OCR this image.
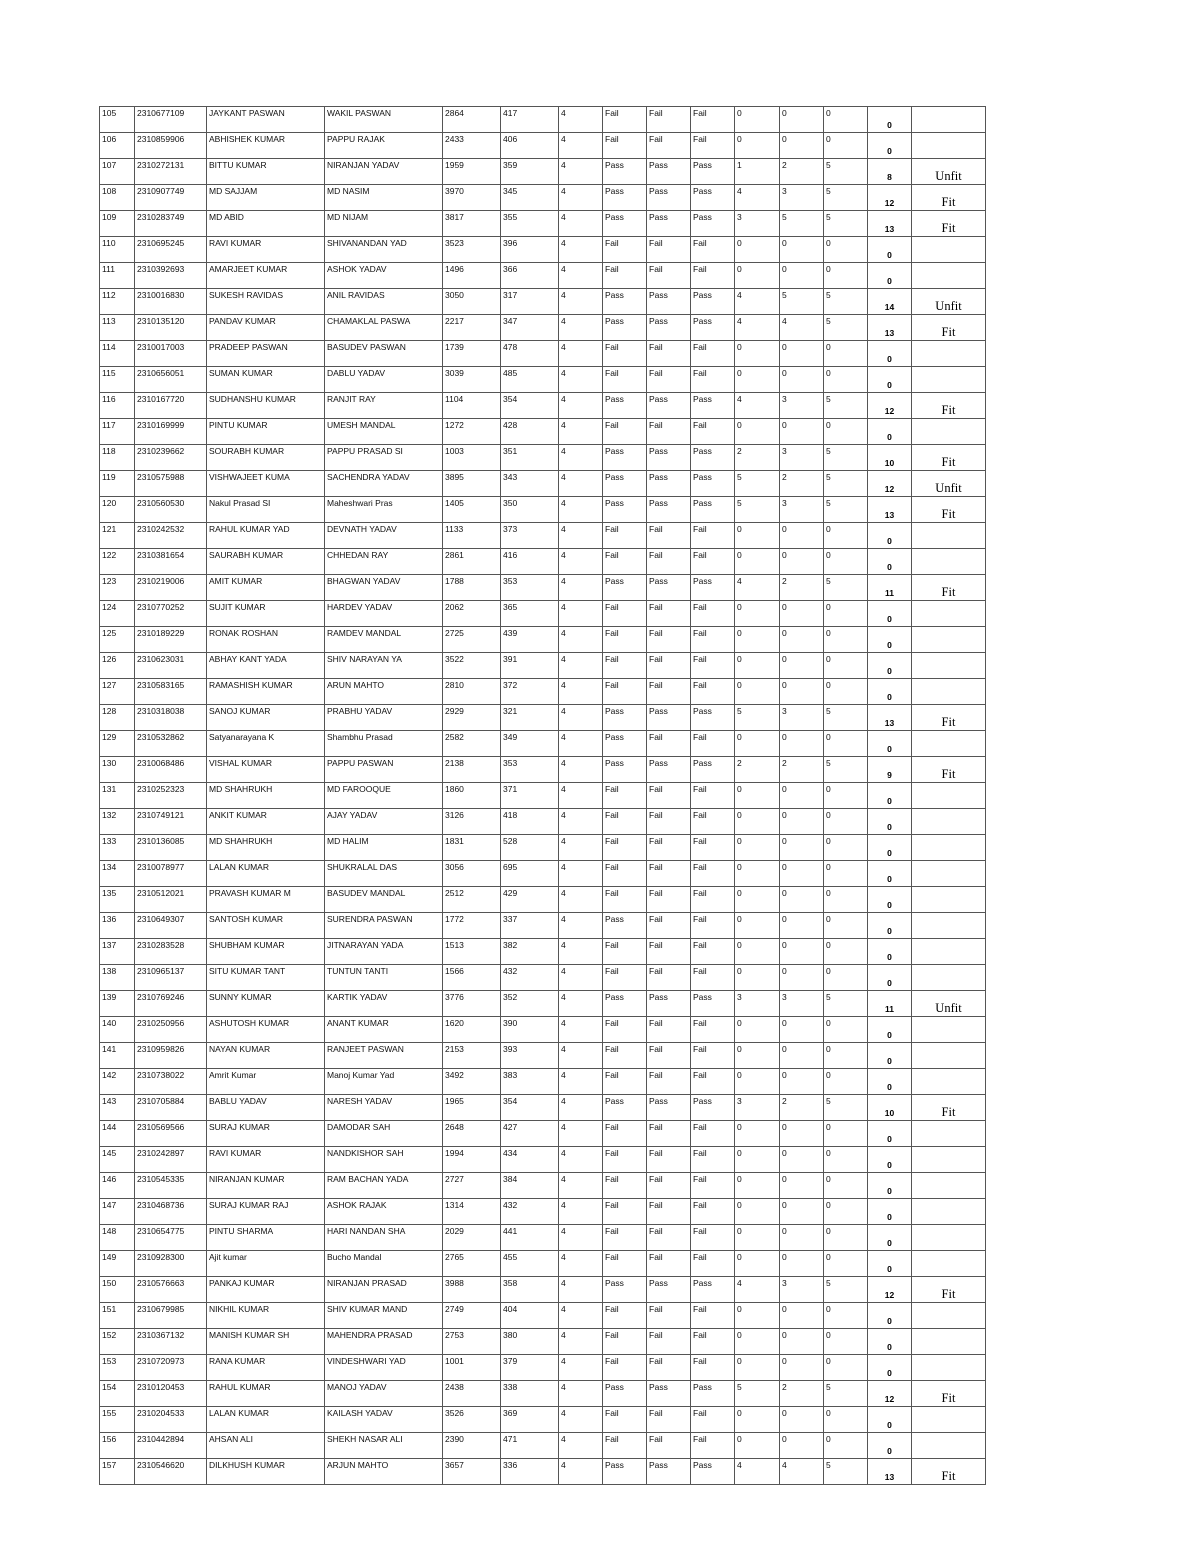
105	2310677109	JAYKANT PASWAN	WAKIL PASWAN	2864	417	4	Fail	Fail	Fail	0	0	0	0	
106	2310859906	ABHISHEK KUMAR	PAPPU RAJAK	2433	406	4	Fail	Fail	Fail	0	0	0	0	
107	2310272131	BITTU KUMAR	NIRANJAN YADAV	1959	359	4	Pass	Pass	Pass	1	2	5	8	Unfit
108	2310907749	MD SAJJAM	MD NASIM	3970	345	4	Pass	Pass	Pass	4	3	5	12	Fit
109	2310283749	MD ABID	MD NIJAM	3817	355	4	Pass	Pass	Pass	3	5	5	13	Fit
110	2310695245	RAVI KUMAR	SHIVANANDAN YAD	3523	396	4	Fail	Fail	Fail	0	0	0	0	
111	2310392693	AMARJEET KUMAR	ASHOK YADAV	1496	366	4	Fail	Fail	Fail	0	0	0	0	
112	2310016830	SUKESH RAVIDAS	ANIL RAVIDAS	3050	317	4	Pass	Pass	Pass	4	5	5	14	Unfit
113	2310135120	PANDAV KUMAR	CHAMAKLAL PASWA	2217	347	4	Pass	Pass	Pass	4	4	5	13	Fit
114	2310017003	PRADEEP PASWAN	BASUDEV PASWAN	1739	478	4	Fail	Fail	Fail	0	0	0	0	
115	2310656051	SUMAN KUMAR	DABLU YADAV	3039	485	4	Fail	Fail	Fail	0	0	0	0	
116	2310167720	SUDHANSHU KUMAR	RANJIT RAY	1104	354	4	Pass	Pass	Pass	4	3	5	12	Fit
117	2310169999	PINTU KUMAR	UMESH MANDAL	1272	428	4	Fail	Fail	Fail	0	0	0	0	
118	2310239662	SOURABH KUMAR	PAPPU PRASAD SI	1003	351	4	Pass	Pass	Pass	2	3	5	10	Fit
119	2310575988	VISHWAJEET KUMA	SACHENDRA YADAV	3895	343	4	Pass	Pass	Pass	5	2	5	12	Unfit
120	2310560530	Nakul Prasad SI	Maheshwari Pras	1405	350	4	Pass	Pass	Pass	5	3	5	13	Fit
121	2310242532	RAHUL KUMAR YAD	DEVNATH YADAV	1133	373	4	Fail	Fail	Fail	0	0	0	0	
122	2310381654	SAURABH KUMAR	CHHEDAN RAY	2861	416	4	Fail	Fail	Fail	0	0	0	0	
123	2310219006	AMIT KUMAR	BHAGWAN YADAV	1788	353	4	Pass	Pass	Pass	4	2	5	11	Fit
124	2310770252	SUJIT KUMAR	HARDEV YADAV	2062	365	4	Fail	Fail	Fail	0	0	0	0	
125	2310189229	RONAK ROSHAN	RAMDEV MANDAL	2725	439	4	Fail	Fail	Fail	0	0	0	0	
126	2310623031	ABHAY KANT YADA	SHIV NARAYAN YA	3522	391	4	Fail	Fail	Fail	0	0	0	0	
127	2310583165	RAMASHISH KUMAR	ARUN MAHTO	2810	372	4	Fail	Fail	Fail	0	0	0	0	
128	2310318038	SANOJ KUMAR	PRABHU YADAV	2929	321	4	Pass	Pass	Pass	5	3	5	13	Fit
129	2310532862	Satyanarayana K	Shambhu Prasad	2582	349	4	Pass	Fail	Fail	0	0	0	0	
130	2310068486	VISHAL KUMAR	PAPPU PASWAN	2138	353	4	Pass	Pass	Pass	2	2	5	9	Fit
131	2310252323	MD SHAHRUKH	MD FAROOQUE	1860	371	4	Fail	Fail	Fail	0	0	0	0	
132	2310749121	ANKIT KUMAR	AJAY YADAV	3126	418	4	Fail	Fail	Fail	0	0	0	0	
133	2310136085	MD SHAHRUKH	MD HALIM	1831	528	4	Fail	Fail	Fail	0	0	0	0	
134	2310078977	LALAN KUMAR	SHUKRALAL DAS	3056	695	4	Fail	Fail	Fail	0	0	0	0	
135	2310512021	PRAVASH KUMAR M	BASUDEV MANDAL	2512	429	4	Fail	Fail	Fail	0	0	0	0	
136	2310649307	SANTOSH KUMAR	SURENDRA PASWAN	1772	337	4	Pass	Fail	Fail	0	0	0	0	
137	2310283528	SHUBHAM KUMAR	JITNARAYAN YADA	1513	382	4	Fail	Fail	Fail	0	0	0	0	
138	2310965137	SITU KUMAR TANT	TUNTUN TANTI	1566	432	4	Fail	Fail	Fail	0	0	0	0	
139	2310769246	SUNNY KUMAR	KARTIK YADAV	3776	352	4	Pass	Pass	Pass	3	3	5	11	Unfit
140	2310250956	ASHUTOSH KUMAR	ANANT KUMAR	1620	390	4	Fail	Fail	Fail	0	0	0	0	
141	2310959826	NAYAN KUMAR	RANJEET PASWAN	2153	393	4	Fail	Fail	Fail	0	0	0	0	
142	2310738022	Amrit Kumar	Manoj Kumar Yad	3492	383	4	Fail	Fail	Fail	0	0	0	0	
143	2310705884	BABLU YADAV	NARESH YADAV	1965	354	4	Pass	Pass	Pass	3	2	5	10	Fit
144	2310569566	SURAJ KUMAR	DAMODAR SAH	2648	427	4	Fail	Fail	Fail	0	0	0	0	
145	2310242897	RAVI KUMAR	NANDKISHOR SAH	1994	434	4	Fail	Fail	Fail	0	0	0	0	
146	2310545335	NIRANJAN KUMAR	RAM BACHAN YADA	2727	384	4	Fail	Fail	Fail	0	0	0	0	
147	2310468736	SURAJ KUMAR RAJ	ASHOK RAJAK	1314	432	4	Fail	Fail	Fail	0	0	0	0	
148	2310654775	PINTU SHARMA	HARI NANDAN SHA	2029	441	4	Fail	Fail	Fail	0	0	0	0	
149	2310928300	Ajit kumar	Bucho Mandal	2765	455	4	Fail	Fail	Fail	0	0	0	0	
150	2310576663	PANKAJ KUMAR	NIRANJAN PRASAD	3988	358	4	Pass	Pass	Pass	4	3	5	12	Fit
151	2310679985	NIKHIL KUMAR	SHIV KUMAR MAND	2749	404	4	Fail	Fail	Fail	0	0	0	0	
152	2310367132	MANISH KUMAR SH	MAHENDRA PRASAD	2753	380	4	Fail	Fail	Fail	0	0	0	0	
153	2310720973	RANA KUMAR	VINDESHWARI YAD	1001	379	4	Fail	Fail	Fail	0	0	0	0	
154	2310120453	RAHUL KUMAR	MANOJ YADAV	2438	338	4	Pass	Pass	Pass	5	2	5	12	Fit
155	2310204533	LALAN KUMAR	KAILASH YADAV	3526	369	4	Fail	Fail	Fail	0	0	0	0	
156	2310442894	AHSAN ALI	SHEKH NASAR ALI	2390	471	4	Fail	Fail	Fail	0	0	0	0	
157	2310546620	DILKHUSH KUMAR	ARJUN MAHTO	3657	336	4	Pass	Pass	Pass	4	4	5	13	Fit
